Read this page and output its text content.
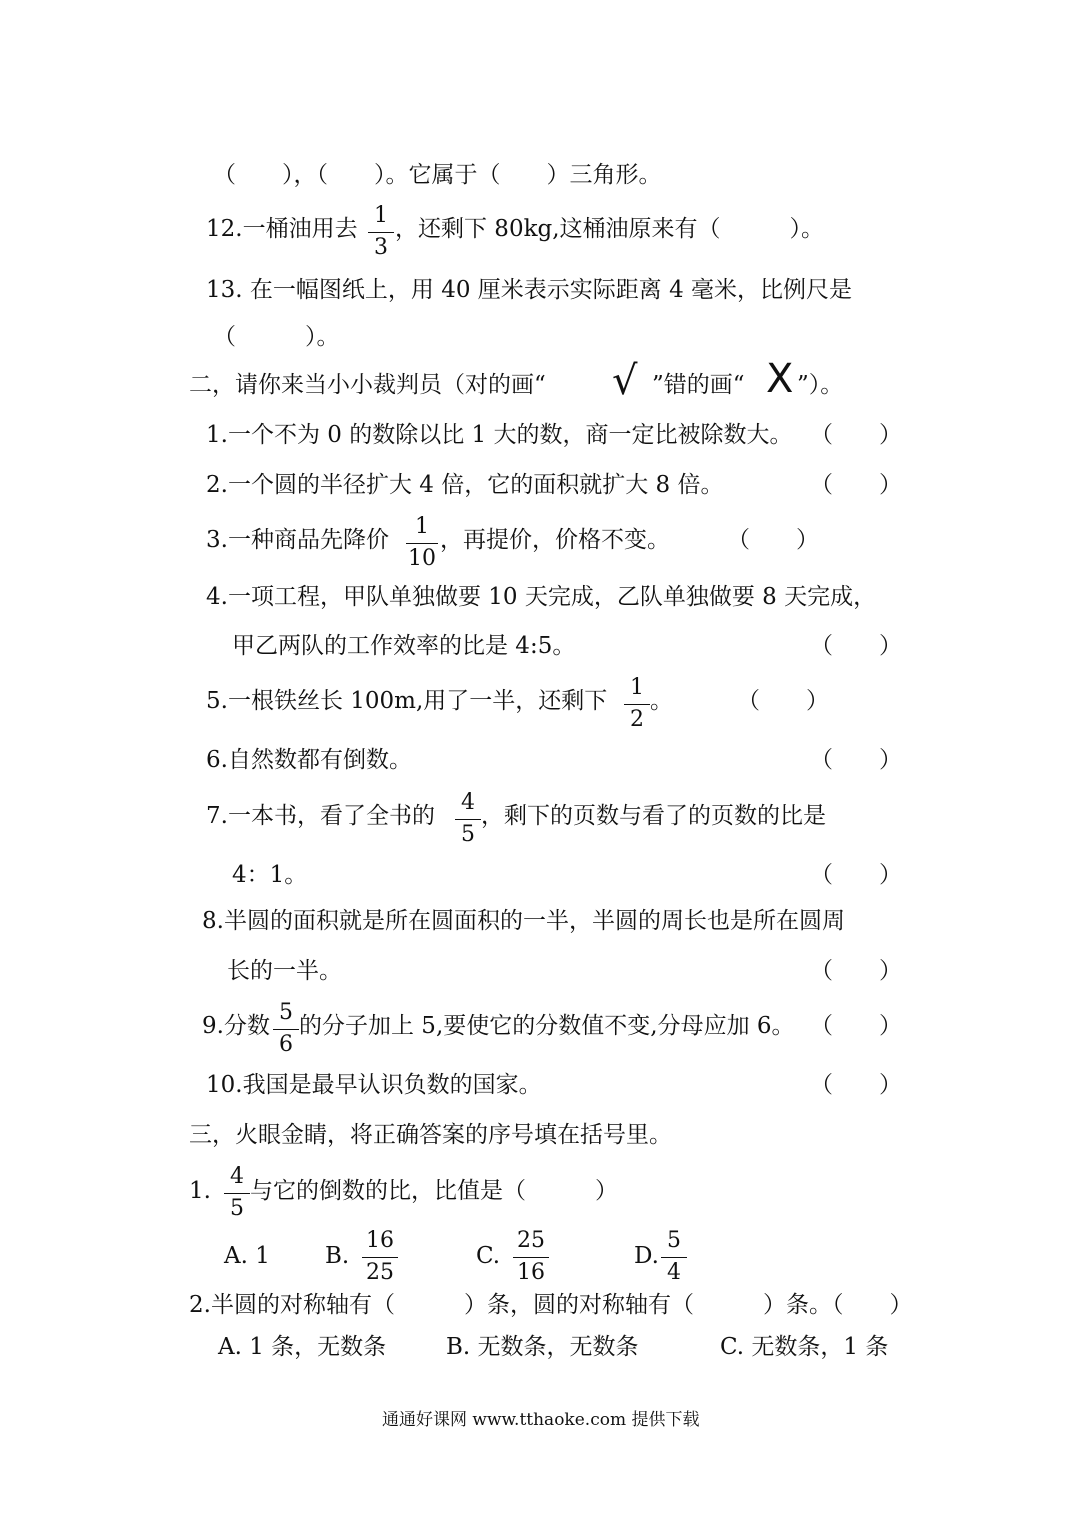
（　　），（　　）。它属于（　　）三角形。
12.一桶油用去
1
3
，还剩下 80kg,这桶油原来有（　　　）。
13. 在一幅图纸上，用 40 厘米表示实际距离 4 毫米，比例尺是
（　　　）。
二，请你来当小小裁判员（对的画“ √ ”错的画“ X ”）。
1.一个不为 0 的数除以比 1 大的数，商一定比被除数大。 （　　）
2.一个圆的半径扩大 4 倍，它的面积就扩大 8 倍。	（　　）
3.一种商品先降价
1
10
，再提价，价格不变。 （　　）
4.一项工程，甲队单独做要 10 天完成，乙队单独做要 8 天完成，
甲乙两队的工作效率的比是 4:5。	（　　）
5.一根铁丝长 100m,用了一半，还剩下
1
2
。	（　　）
6.自然数都有倒数。	（　　）
7.一本书，看了全书的
4
5
，剩下的页数与看了的页数的比是
4：1。	（　　）
8.半圆的面积就是所在圆面积的一半，半圆的周长也是所在圆周
长的一半。	（　　）
9.分数
5
6
的分子加上 5,要使它的分数值不变,分母应加 6。 （　　）
10.我国是最早认识负数的国家。	（　　）
三，火眼金睛，将正确答案的序号填在括号里。
1.
4
5
与它的倒数的比，比值是（　　　）
A. 1 B.
16
25
C.
25
16
D.
5
4
2.半圆的对称轴有（　　　）条，圆的对称轴有（　　　）条。（　　）
A. 1 条，无数条	B. 无数条，无数条	C. 无数条，1 条
通通好课网 www.tthaoke.com 提供下载
